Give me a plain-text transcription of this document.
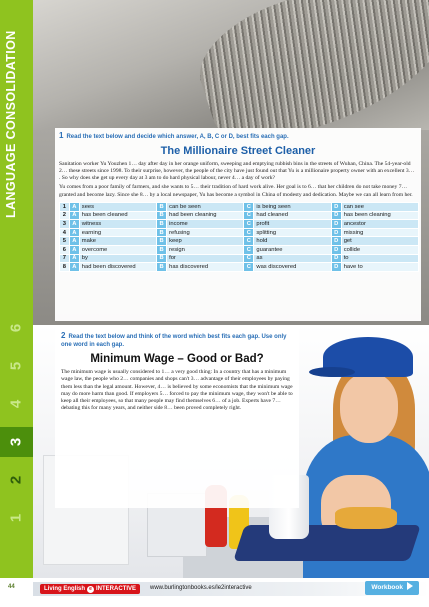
LANGUAGE CONSOLIDATION
1
2
3
4
5
6
1 Read the text below and decide which answer, A, B, C or D, best fits each gap.
The Millionaire Street Cleaner

Sanitation worker Yu Youzhen 1… day after day in her orange uniform, sweeping and emptying rubbish bins in the streets of Wuhan, China. The 54-year-old 2… these streets since 1998. To their surprise, however, the people of the city have just found out that Yu is a millionaire property owner with an excellent 3… . So why does she get up every day at 3 am to do hard physical labour, never 4… a day of work?

Yu comes from a poor family of farmers, and she wants to 5… their tradition of hard work alive. Her goal is to 6… that her children do not take money 7… granted and become lazy. Since she 8… by a local newspaper, Yu has become a symbol in China of modesty and dedication. Maybe we can all learn from her.

1	A	sees	B	can be seen	C	is being seen	D	can see
2	A	has been cleaned	B	had been cleaning	C	had cleaned	D	has been cleaning
3	A	witness	B	income	C	profit	D	ancestor
4	A	earning	B	refusing	C	splitting	D	missing
5	A	make	B	keep	C	hold	D	get
6	A	overcome	B	resign	C	guarantee	D	collide
7	A	by	B	for	C	as	D	to
8	A	had been discovered	B	has discovered	C	was discovered	D	have to
2 Read the text below and think of the word which best fits each gap. Use only one word in each gap.
Minimum Wage – Good or Bad?

The minimum wage is usually considered to 1… a very good thing: In a country that has a minimum wage law, the people who 2… companies and shops can't 3… advantage of their employees by paying them less than the legal amount. However, 4… is believed by some economists that the minimum wage may do more harm than good. If employers 5… forced to pay the minimum wage, they won't be able to keep all their employees, so that many people may find themselves 6… of a job. Experts have 7… debating this for many years, and neither side 8… been proved completely right.

44	Living English e INTERACTIVE	www.burlingtonbooks.es/le2interactive	Workbook
